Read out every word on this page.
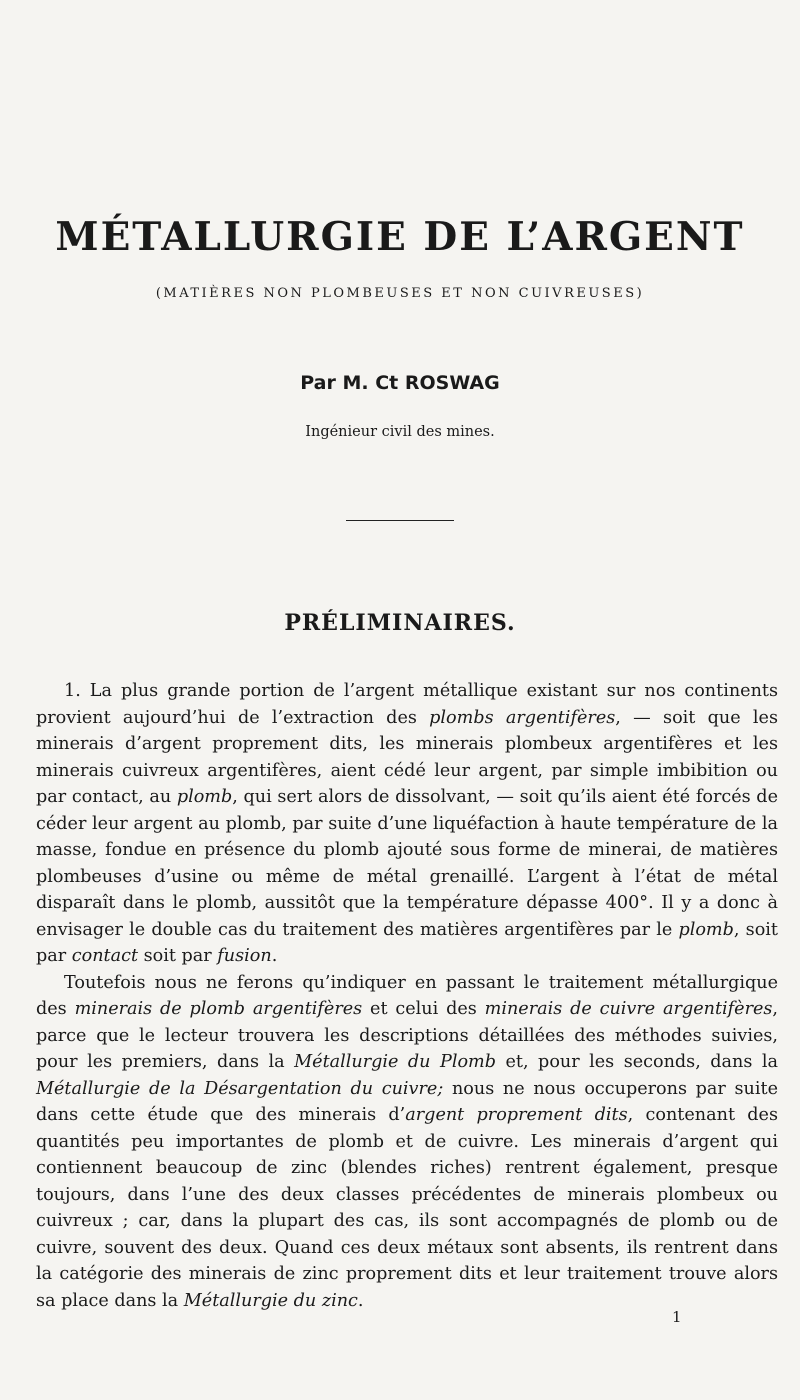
MÉTALLURGIE DE L’ARGENT
(MATIÈRES NON PLOMBEUSES ET NON CUIVREUSES)
Par M. Ct ROSWAG
Ingénieur civil des mines.
PRÉLIMINAIRES.

1. La plus grande portion de l’argent métallique existant sur nos continents provient aujourd’hui de l’extraction des plombs argentifères, — soit que les minerais d’argent proprement dits, les minerais plombeux argentifères et les minerais cuivreux argentifères, aient cédé leur argent, par simple imbibition ou par contact, au plomb, qui sert alors de dissolvant, — soit qu’ils aient été forcés de céder leur argent au plomb, par suite d’une liquéfaction à haute température de la masse, fondue en présence du plomb ajouté sous forme de minerai, de matières plombeuses d’usine ou même de métal grenaillé. L’argent à l’état de métal disparaît dans le plomb, aussitôt que la température dépasse 400°. Il y a donc à envisager le double cas du traitement des matières argentifères par le plomb, soit par contact soit par fusion.

Toutefois nous ne ferons qu’indiquer en passant le traitement métallurgique des minerais de plomb argentifères et celui des minerais de cuivre argentifères, parce que le lecteur trouvera les descriptions détaillées des méthodes suivies, pour les premiers, dans la Métallurgie du Plomb et, pour les seconds, dans la Métallurgie de la Désargentation du cuivre; nous ne nous occuperons par suite dans cette étude que des minerais d’argent proprement dits, contenant des quantités peu importantes de plomb et de cuivre. Les minerais d’argent qui contiennent beaucoup de zinc (blendes riches) rentrent également, presque toujours, dans l’une des deux classes précédentes de minerais plombeux ou cuivreux ; car, dans la plupart des cas, ils sont accompagnés de plomb ou de cuivre, souvent des deux. Quand ces deux métaux sont absents, ils rentrent dans la catégorie des minerais de zinc proprement dits et leur traitement trouve alors sa place dans la Métallurgie du zinc.

1
